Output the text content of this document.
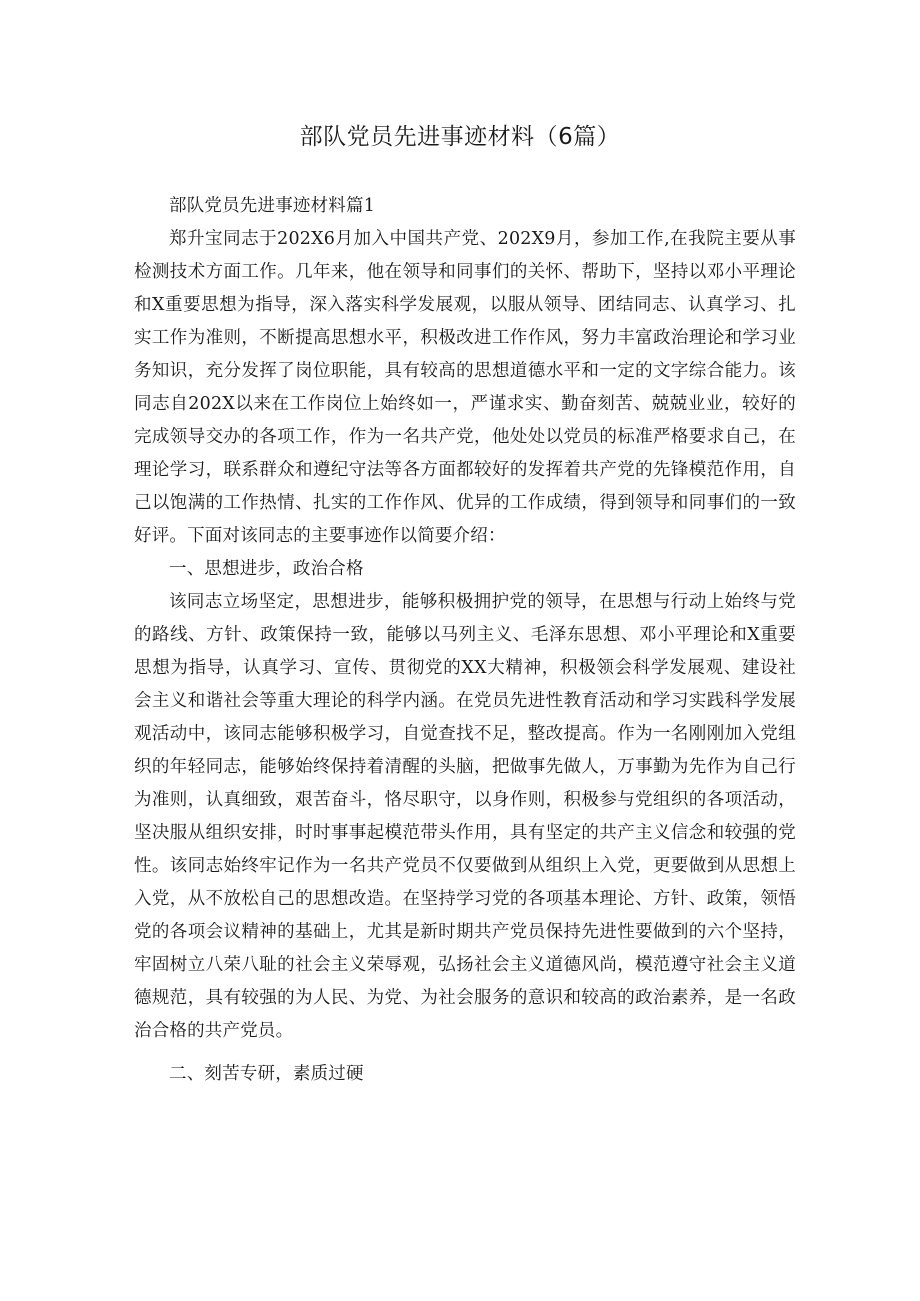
部队党员先进事迹材料（6篇）

部队党员先进事迹材料篇1

郑升宝同志于202X6月加入中国共产党、202X9月，参加工作,在我院主要从事检测技术方面工作。几年来，他在领导和同事们的关怀、帮助下，坚持以邓小平理论和X重要思想为指导，深入落实科学发展观，以服从领导、团结同志、认真学习、扎实工作为准则，不断提高思想水平，积极改进工作作风，努力丰富政治理论和学习业务知识，充分发挥了岗位职能，具有较高的思想道德水平和一定的文字综合能力。该同志自202X以来在工作岗位上始终如一，严谨求实、勤奋刻苦、兢兢业业，较好的完成领导交办的各项工作，作为一名共产党，他处处以党员的标准严格要求自己，在理论学习，联系群众和遵纪守法等各方面都较好的发挥着共产党的先锋模范作用，自己以饱满的工作热情、扎实的工作作风、优异的工作成绩，得到领导和同事们的一致好评。下面对该同志的主要事迹作以简要介绍：

一、思想进步，政治合格

该同志立场坚定，思想进步，能够积极拥护党的领导，在思想与行动上始终与党的路线、方针、政策保持一致，能够以马列主义、毛泽东思想、邓小平理论和X重要思想为指导，认真学习、宣传、贯彻党的XX大精神，积极领会科学发展观、建设社会主义和谐社会等重大理论的科学内涵。在党员先进性教育活动和学习实践科学发展观活动中，该同志能够积极学习，自觉查找不足，整改提高。作为一名刚刚加入党组织的年轻同志，能够始终保持着清醒的头脑，把做事先做人，万事勤为先作为自己行为准则，认真细致，艰苦奋斗，恪尽职守，以身作则，积极参与党组织的各项活动，坚决服从组织安排，时时事事起模范带头作用，具有坚定的共产主义信念和较强的党性。该同志始终牢记作为一名共产党员不仅要做到从组织上入党，更要做到从思想上入党，从不放松自己的思想改造。在坚持学习党的各项基本理论、方针、政策，领悟党的各项会议精神的基础上，尤其是新时期共产党员保持先进性要做到的六个坚持，牢固树立八荣八耻的社会主义荣辱观，弘扬社会主义道德风尚，模范遵守社会主义道德规范，具有较强的为人民、为党、为社会服务的意识和较高的政治素养，是一名政治合格的共产党员。

二、刻苦专研，素质过硬
